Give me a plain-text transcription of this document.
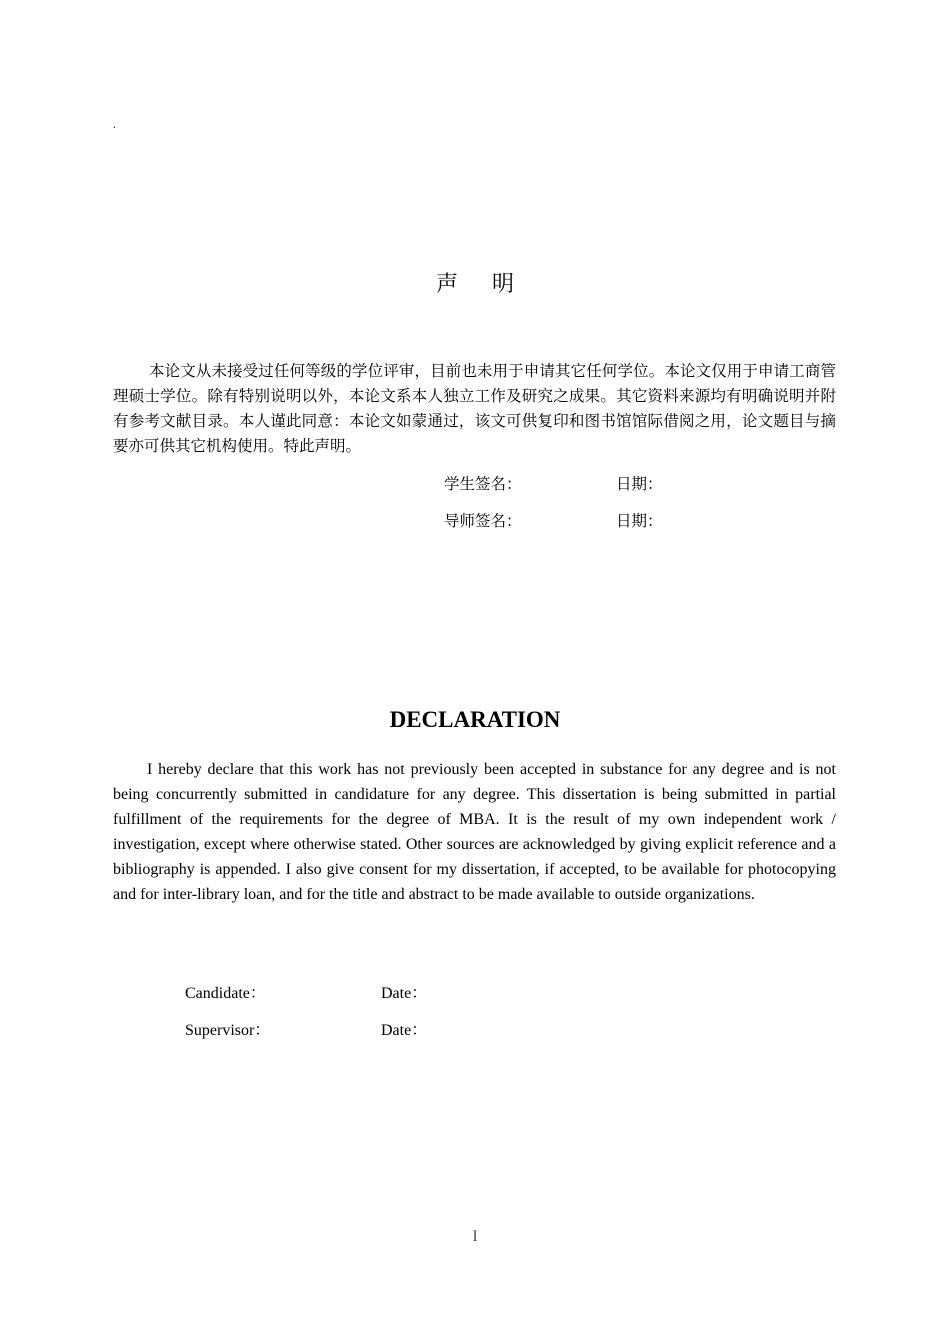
.
声明

本论文从未接受过任何等级的学位评审，目前也未用于申请其它任何学位。本论文仅用于申请工商管理硕士学位。除有特别说明以外，本论文系本人独立工作及研究之成果。其它资料来源均有明确说明并附有参考文献目录。本人谨此同意：本论文如蒙通过，该文可供复印和图书馆馆际借阅之用，论文题目与摘要亦可供其它机构使用。特此声明。

学生签名：	日期：
导师签名：	日期：
DECLARATION

I hereby declare that this work has not previously been accepted in substance for any degree and is not being concurrently submitted in candidature for any degree. This dissertation is being submitted in partial fulfillment of the requirements for the degree of MBA. It is the result of my own independent work / investigation, except where otherwise stated. Other sources are acknowledged by giving explicit reference and a bibliography is appended. I also give consent for my dissertation, if accepted, to be available for photocopying and for inter-library loan, and for the title and abstract to be made available to outside organizations.

Candidate：	Date：
Supervisor：	Date：
I
